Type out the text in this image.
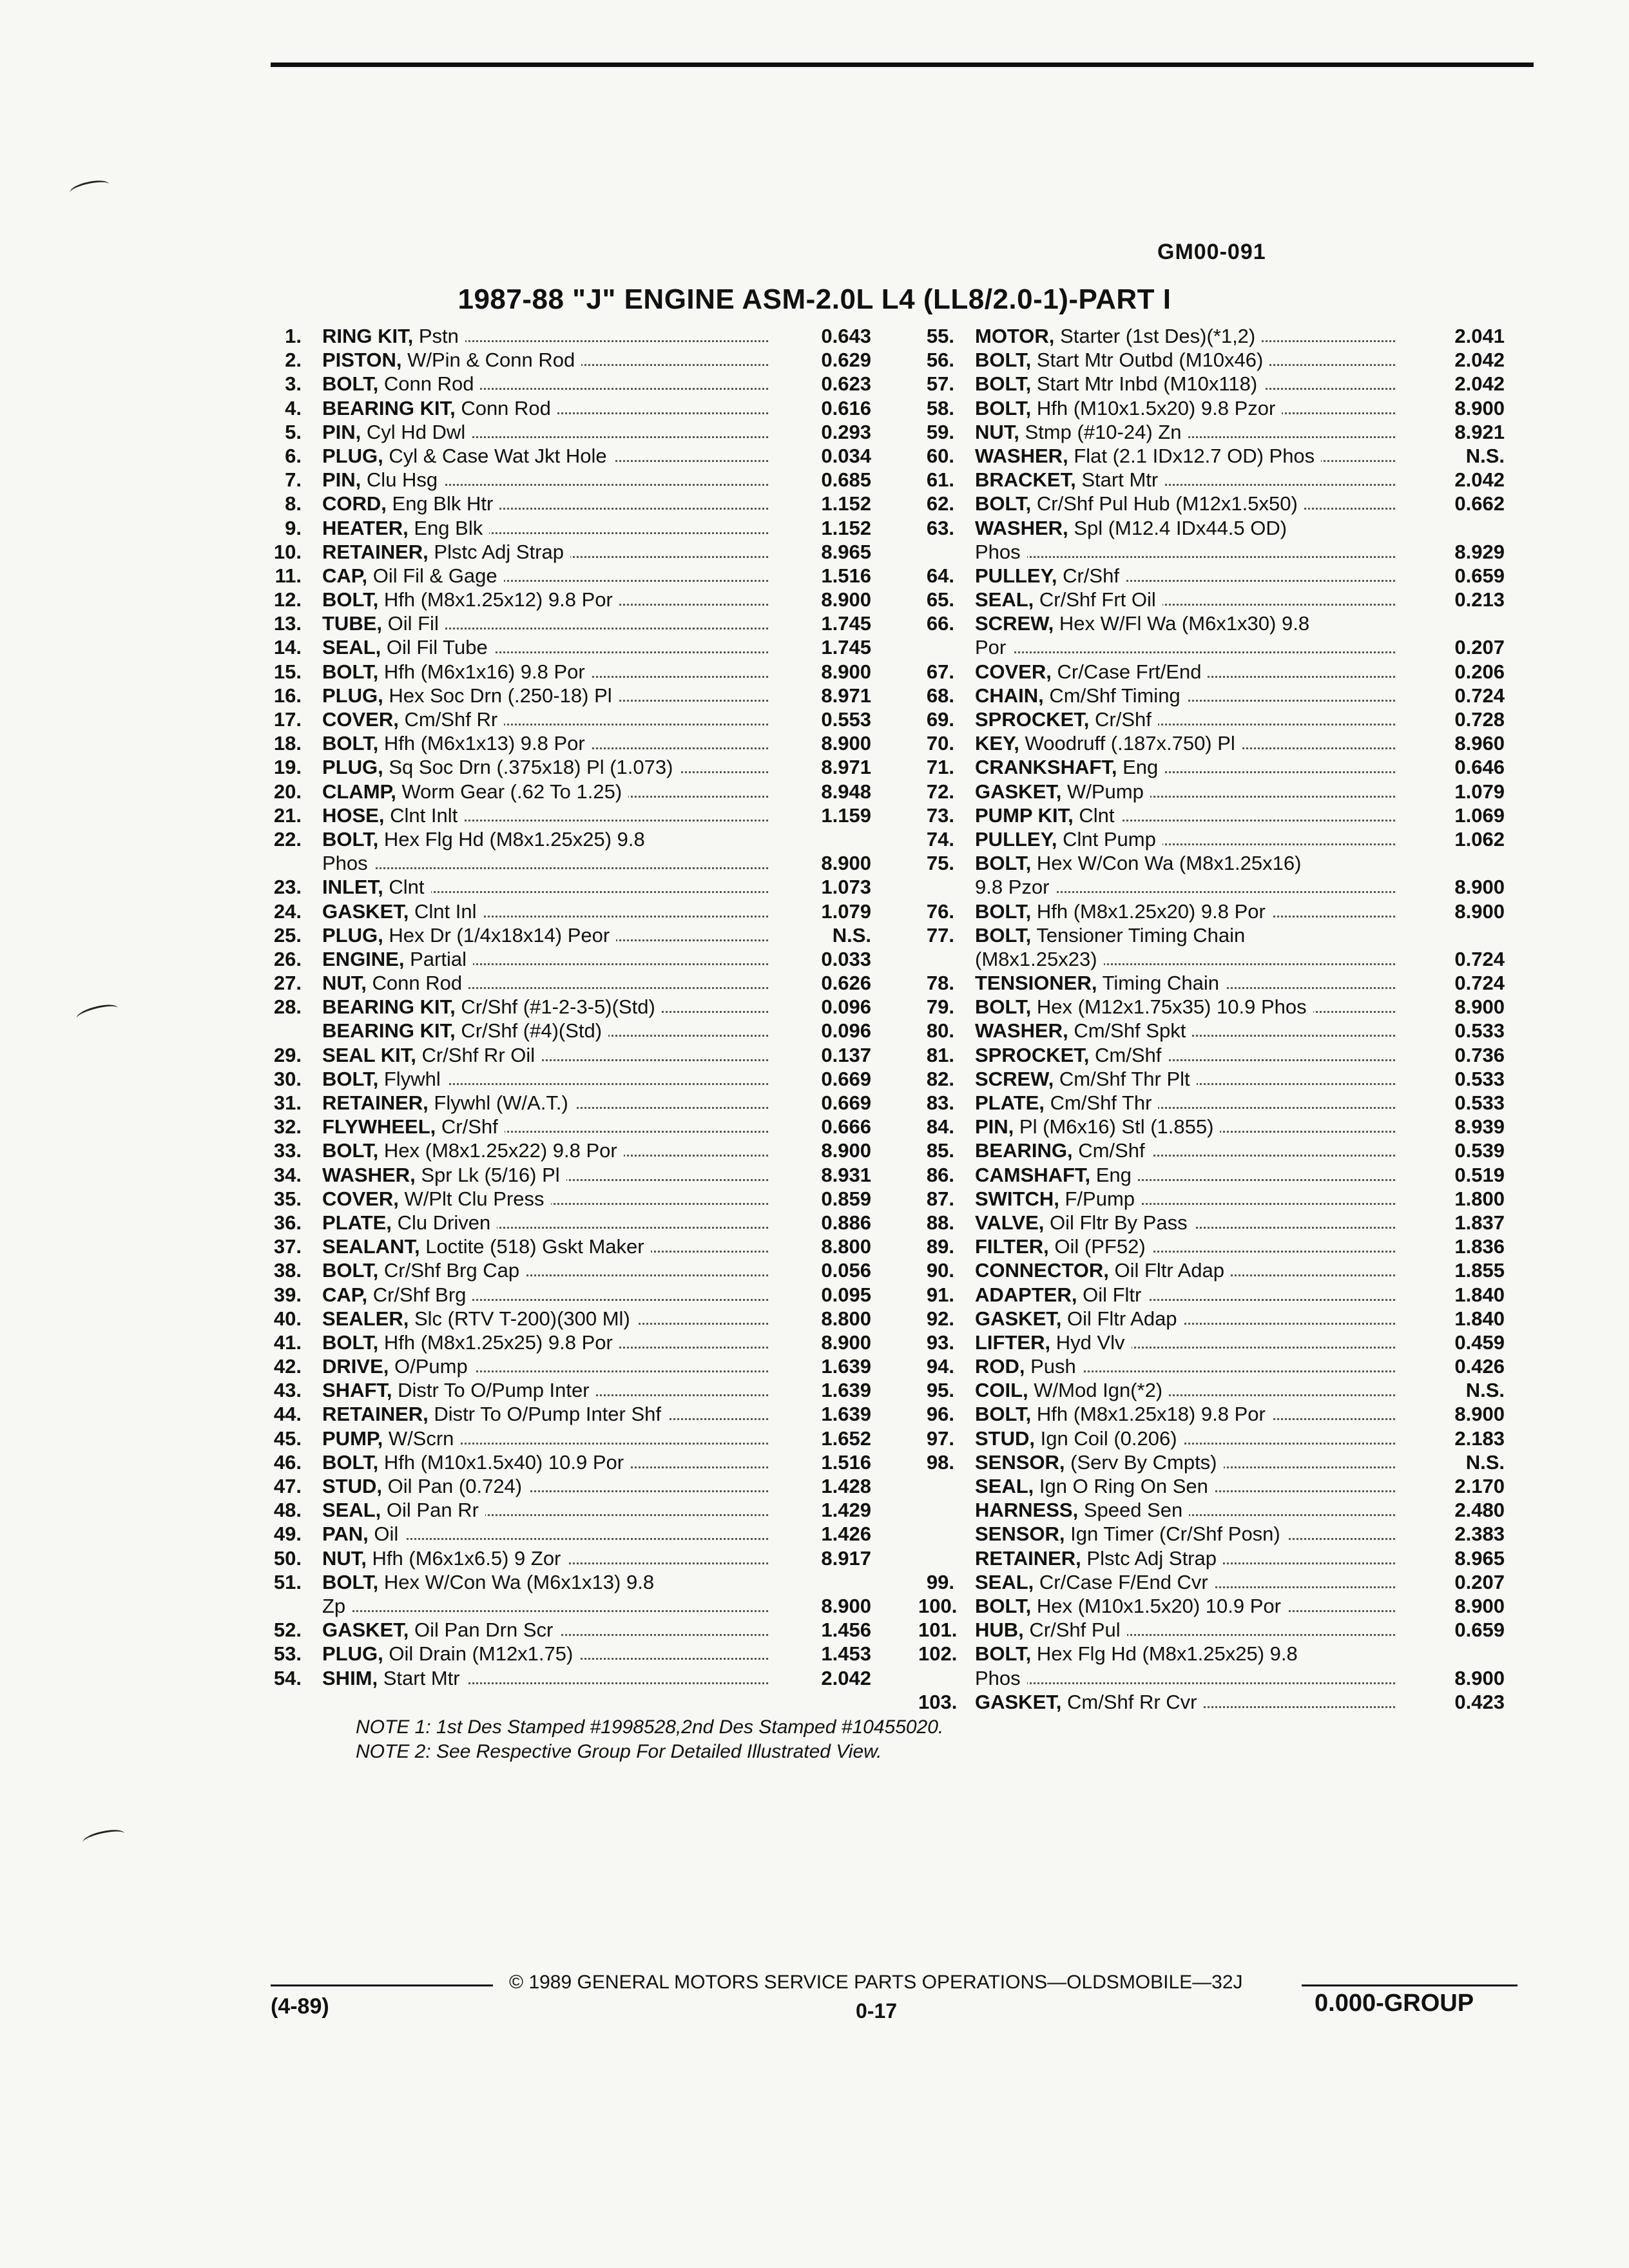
GM00-091
1987-88 "J" ENGINE ASM-2.0L L4 (LL8/2.0-1)-PART I
1. RING KIT, Pstn	0.643
2. PISTON, W/Pin & Conn Rod	0.629
3. BOLT, Conn Rod	0.623
4. BEARING KIT, Conn Rod	0.616
5. PIN, Cyl Hd Dwl	0.293
6. PLUG, Cyl & Case Wat Jkt Hole	0.034
7. PIN, Clu Hsg	0.685
8. CORD, Eng Blk Htr	1.152
9. HEATER, Eng Blk	1.152
10. RETAINER, Plstc Adj Strap	8.965
11. CAP, Oil Fil & Gage	1.516
12. BOLT, Hfh (M8x1.25x12) 9.8 Por	8.900
13. TUBE, Oil Fil	1.745
14. SEAL, Oil Fil Tube	1.745
15. BOLT, Hfh (M6x1x16) 9.8 Por	8.900
16. PLUG, Hex Soc Drn (.250-18) Pl	8.971
17. COVER, Cm/Shf Rr	0.553
18. BOLT, Hfh (M6x1x13) 9.8 Por	8.900
19. PLUG, Sq Soc Drn (.375x18) Pl (1.073)	8.971
20. CLAMP, Worm Gear (.62 To 1.25)	8.948
21. HOSE, Clnt Inlt	1.159
22. BOLT, Hex Flg Hd (M8x1.25x25) 9.8
Phos	8.900
23. INLET, Clnt	1.073
24. GASKET, Clnt Inl	1.079
25. PLUG, Hex Dr (1/4x18x14) Peor	N.S.
26. ENGINE, Partial	0.033
27. NUT, Conn Rod	0.626
28. BEARING KIT, Cr/Shf (#1-2-3-5)(Std)	0.096
BEARING KIT, Cr/Shf (#4)(Std)	0.096
29. SEAL KIT, Cr/Shf Rr Oil	0.137
30. BOLT, Flywhl	0.669
31. RETAINER, Flywhl (W/A.T.)	0.669
32. FLYWHEEL, Cr/Shf	0.666
33. BOLT, Hex (M8x1.25x22) 9.8 Por	8.900
34. WASHER, Spr Lk (5/16) Pl	8.931
35. COVER, W/Plt Clu Press	0.859
36. PLATE, Clu Driven	0.886
37. SEALANT, Loctite (518) Gskt Maker	8.800
38. BOLT, Cr/Shf Brg Cap	0.056
39. CAP, Cr/Shf Brg	0.095
40. SEALER, Slc (RTV T-200)(300 Ml)	8.800
41. BOLT, Hfh (M8x1.25x25) 9.8 Por	8.900
42. DRIVE, O/Pump	1.639
43. SHAFT, Distr To O/Pump Inter	1.639
44. RETAINER, Distr To O/Pump Inter Shf	1.639
45. PUMP, W/Scrn	1.652
46. BOLT, Hfh (M10x1.5x40) 10.9 Por	1.516
47. STUD, Oil Pan (0.724)	1.428
48. SEAL, Oil Pan Rr	1.429
49. PAN, Oil	1.426
50. NUT, Hfh (M6x1x6.5) 9 Zor	8.917
51. BOLT, Hex W/Con Wa (M6x1x13) 9.8
Zp	8.900
52. GASKET, Oil Pan Drn Scr	1.456
53. PLUG, Oil Drain (M12x1.75)	1.453
54. SHIM, Start Mtr	2.042
55. MOTOR, Starter (1st Des)(*1,2)	2.041
56. BOLT, Start Mtr Outbd (M10x46)	2.042
57. BOLT, Start Mtr Inbd (M10x118)	2.042
58. BOLT, Hfh (M10x1.5x20) 9.8 Pzor	8.900
59. NUT, Stmp (#10-24) Zn	8.921
60. WASHER, Flat (2.1 IDx12.7 OD) Phos	N.S.
61. BRACKET, Start Mtr	2.042
62. BOLT, Cr/Shf Pul Hub (M12x1.5x50)	0.662
63. WASHER, Spl (M12.4 IDx44.5 OD)
Phos	8.929
64. PULLEY, Cr/Shf	0.659
65. SEAL, Cr/Shf Frt Oil	0.213
66. SCREW, Hex W/Fl Wa (M6x1x30) 9.8
Por	0.207
67. COVER, Cr/Case Frt/End	0.206
68. CHAIN, Cm/Shf Timing	0.724
69. SPROCKET, Cr/Shf	0.728
70. KEY, Woodruff (.187x.750) Pl	8.960
71. CRANKSHAFT, Eng	0.646
72. GASKET, W/Pump	1.079
73. PUMP KIT, Clnt	1.069
74. PULLEY, Clnt Pump	1.062
75. BOLT, Hex W/Con Wa (M8x1.25x16)
9.8 Pzor	8.900
76. BOLT, Hfh (M8x1.25x20) 9.8 Por	8.900
77. BOLT, Tensioner Timing Chain
(M8x1.25x23)	0.724
78. TENSIONER, Timing Chain	0.724
79. BOLT, Hex (M12x1.75x35) 10.9 Phos	8.900
80. WASHER, Cm/Shf Spkt	0.533
81. SPROCKET, Cm/Shf	0.736
82. SCREW, Cm/Shf Thr Plt	0.533
83. PLATE, Cm/Shf Thr	0.533
84. PIN, Pl (M6x16) Stl (1.855)	8.939
85. BEARING, Cm/Shf	0.539
86. CAMSHAFT, Eng	0.519
87. SWITCH, F/Pump	1.800
88. VALVE, Oil Fltr By Pass	1.837
89. FILTER, Oil (PF52)	1.836
90. CONNECTOR, Oil Fltr Adap	1.855
91. ADAPTER, Oil Fltr	1.840
92. GASKET, Oil Fltr Adap	1.840
93. LIFTER, Hyd Vlv	0.459
94. ROD, Push	0.426
95. COIL, W/Mod Ign(*2)	N.S.
96. BOLT, Hfh (M8x1.25x18) 9.8 Por	8.900
97. STUD, Ign Coil (0.206)	2.183
98. SENSOR, (Serv By Cmpts)	N.S.
SEAL, Ign O Ring On Sen	2.170
HARNESS, Speed Sen	2.480
SENSOR, Ign Timer (Cr/Shf Posn)	2.383
RETAINER, Plstc Adj Strap	8.965
99. SEAL, Cr/Case F/End Cvr	0.207
100. BOLT, Hex (M10x1.5x20) 10.9 Por	8.900
101. HUB, Cr/Shf Pul	0.659
102. BOLT, Hex Flg Hd (M8x1.25x25) 9.8
Phos	8.900
103. GASKET, Cm/Shf Rr Cvr	0.423
NOTE 1: 1st Des Stamped #1998528,2nd Des Stamped #10455020.
NOTE 2: See Respective Group For Detailed Illustrated View.
© 1989 GENERAL MOTORS SERVICE PARTS OPERATIONS—OLDSMOBILE—32J
(4-89)	0-17	0.000-GROUP
